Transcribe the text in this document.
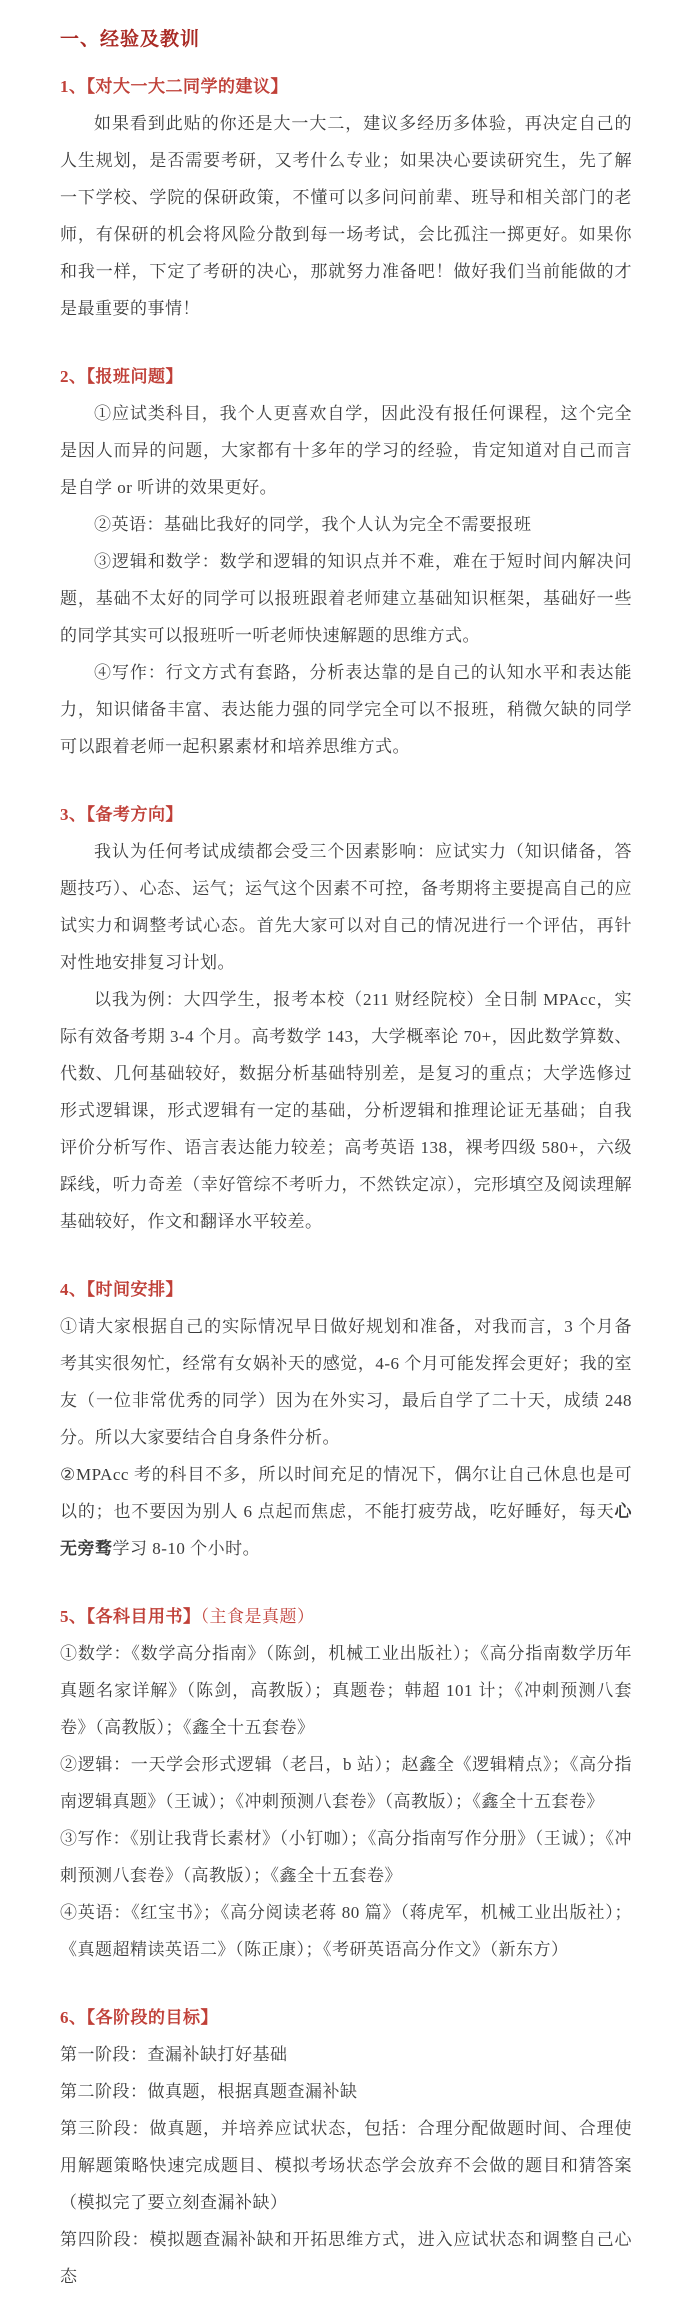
一、经验及教训
1、【对大一大二同学的建议】

如果看到此贴的你还是大一大二，建议多经历多体验，再决定自己的人生规划，是否需要考研，又考什么专业；如果决心要读研究生，先了解一下学校、学院的保研政策，不懂可以多问问前辈、班导和相关部门的老师，有保研的机会将风险分散到每一场考试，会比孤注一掷更好。如果你和我一样，下定了考研的决心，那就努力准备吧！做好我们当前能做的才是最重要的事情！

2、【报班问题】

①应试类科目，我个人更喜欢自学，因此没有报任何课程，这个完全是因人而异的问题，大家都有十多年的学习的经验，肯定知道对自己而言是自学 or 听讲的效果更好。

②英语：基础比我好的同学，我个人认为完全不需要报班

③逻辑和数学：数学和逻辑的知识点并不难，难在于短时间内解决问题，基础不太好的同学可以报班跟着老师建立基础知识框架，基础好一些的同学其实可以报班听一听老师快速解题的思维方式。

④写作：行文方式有套路，分析表达靠的是自己的认知水平和表达能力，知识储备丰富、表达能力强的同学完全可以不报班，稍微欠缺的同学可以跟着老师一起积累素材和培养思维方式。

3、【备考方向】

我认为任何考试成绩都会受三个因素影响：应试实力（知识储备，答题技巧）、心态、运气；运气这个因素不可控，备考期将主要提高自己的应试实力和调整考试心态。首先大家可以对自己的情况进行一个评估，再针对性地安排复习计划。

以我为例：大四学生，报考本校（211 财经院校）全日制 MPAcc，实际有效备考期 3-4 个月。高考数学 143，大学概率论 70+，因此数学算数、代数、几何基础较好，数据分析基础特别差，是复习的重点；大学选修过形式逻辑课，形式逻辑有一定的基础，分析逻辑和推理论证无基础；自我评价分析写作、语言表达能力较差；高考英语 138，裸考四级 580+，六级踩线，听力奇差（幸好管综不考听力，不然铁定凉），完形填空及阅读理解基础较好，作文和翻译水平较差。

4、【时间安排】

①请大家根据自己的实际情况早日做好规划和准备，对我而言，3 个月备考其实很匆忙，经常有女娲补天的感觉，4-6 个月可能发挥会更好；我的室友（一位非常优秀的同学）因为在外实习，最后自学了二十天，成绩 248 分。所以大家要结合自身条件分析。

②MPAcc 考的科目不多，所以时间充足的情况下，偶尔让自己休息也是可以的；也不要因为别人 6 点起而焦虑，不能打疲劳战，吃好睡好，每天心无旁骛学习 8-10 个小时。

5、【各科目用书】（主食是真题）

①数学：《数学高分指南》（陈剑，机械工业出版社）；《高分指南数学历年真题名家详解》（陈剑，高教版）；真题卷；韩超 101 计；《冲刺预测八套卷》（高教版）；《鑫全十五套卷》

②逻辑：一天学会形式逻辑（老吕，b 站）；赵鑫全《逻辑精点》；《高分指南逻辑真题》（王诚）；《冲刺预测八套卷》（高教版）；《鑫全十五套卷》

③写作：《别让我背长素材》（小钉咖）；《高分指南写作分册》（王诚）；《冲刺预测八套卷》（高教版）；《鑫全十五套卷》

④英语：《红宝书》；《高分阅读老蒋 80 篇》（蒋虎军，机械工业出版社）；《真题超精读英语二》（陈正康）；《考研英语高分作文》（新东方）

6、【各阶段的目标】

第一阶段：查漏补缺打好基础

第二阶段：做真题，根据真题查漏补缺

第三阶段：做真题，并培养应试状态，包括：合理分配做题时间、合理使用解题策略快速完成题目、模拟考场状态学会放弃不会做的题目和猜答案（模拟完了要立刻查漏补缺）

第四阶段：模拟题查漏补缺和开拓思维方式，进入应试状态和调整自己心态
